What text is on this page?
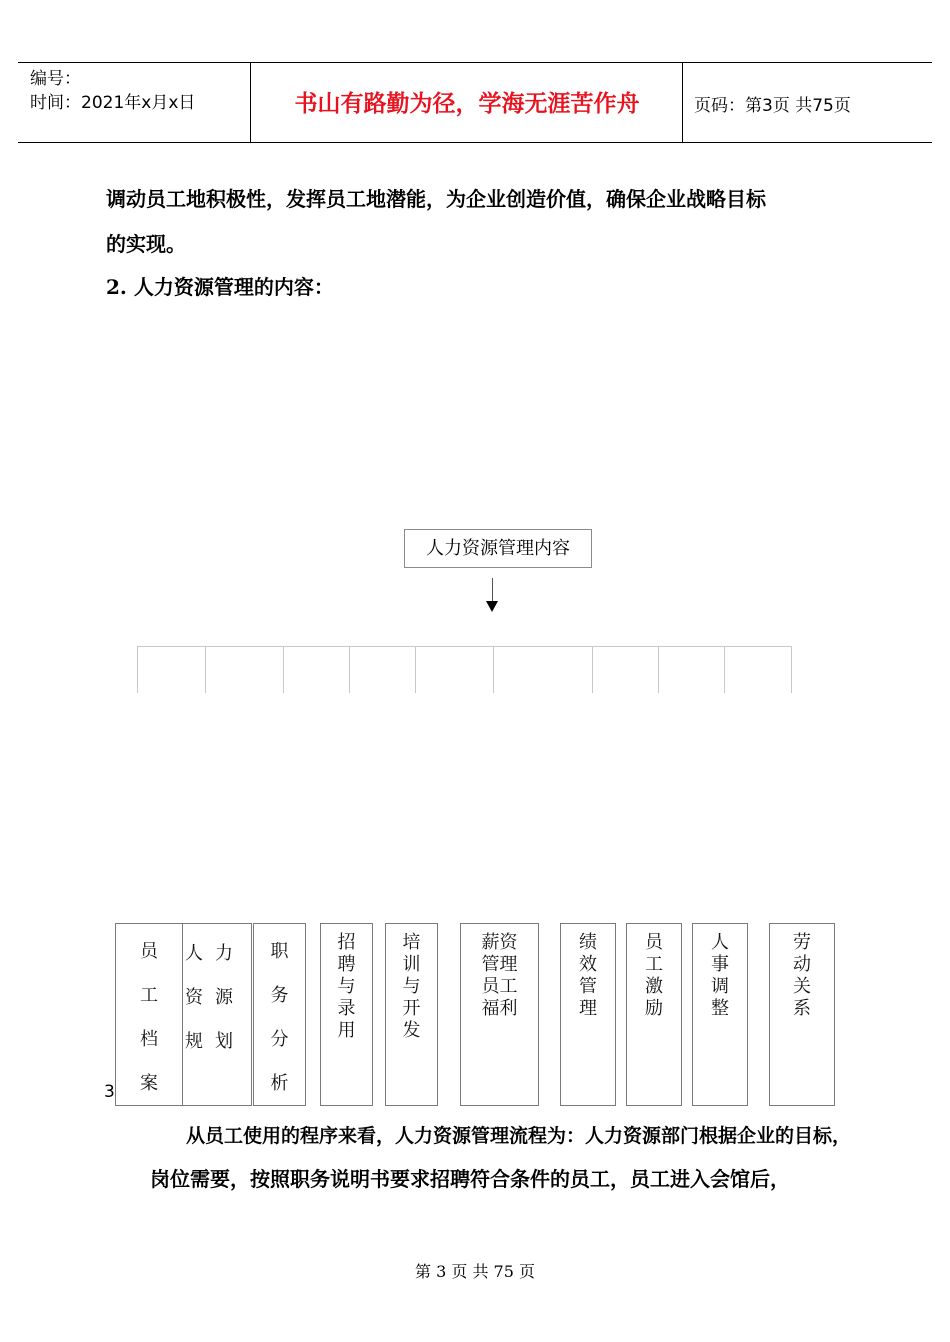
编号：
时间：2021年x月x日	书山有路勤为径，学海无涯苦作舟	页码：第3页 共75页
调动员工地积极性，发挥员工地潜能，为企业创造价值，确保企业战略目标
的实现。
2. 人力资源管理的内容：
人力资源管理内容
3
人力
资源
规划
员
工
档
案
职
务
分
析
招
聘
与
录
用
培
训
与
开
发
薪资
管理
员工
福利
绩
效
管
理
员
工
激
励
人
事
调
整
劳
动
关
系
从员工使用的程序来看，人力资源管理流程为：人力资源部门根据企业的目标，
岗位需要，按照职务说明书要求招聘符合条件的员工，员工进入会馆后，
第 3 页 共 75 页
